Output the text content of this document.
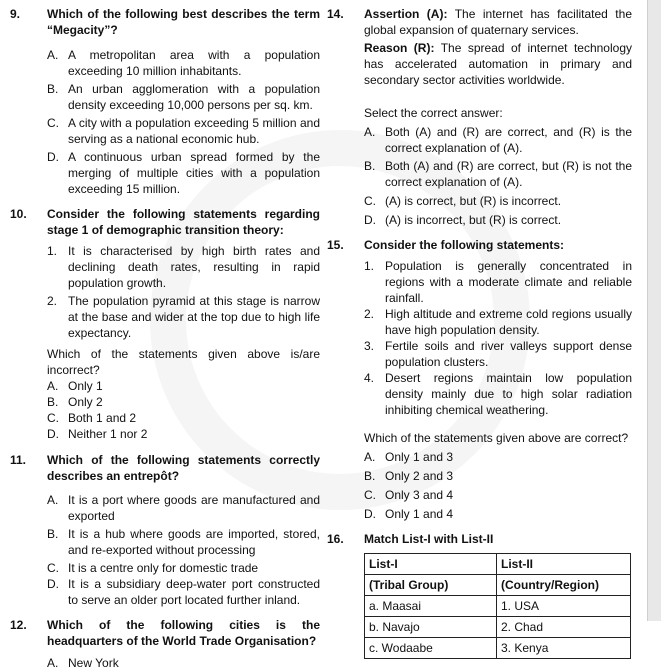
9. Which of the following best describes the term “Megacity”?
A. A metropolitan area with a population exceeding 10 million inhabitants.
B. An urban agglomeration with a population density exceeding 10,000 persons per sq. km.
C. A city with a population exceeding 5 million and serving as a national economic hub.
D. A continuous urban spread formed by the merging of multiple cities with a population exceeding 15 million.
10. Consider the following statements regarding stage 1 of demographic transition theory:
1. It is characterised by high birth rates and declining death rates, resulting in rapid population growth.
2. The population pyramid at this stage is narrow at the base and wider at the top due to high life expectancy.
Which of the statements given above is/are incorrect?
A. Only 1
B. Only 2
C. Both 1 and 2
D. Neither 1 nor 2
11. Which of the following statements correctly describes an entrepôt?
A. It is a port where goods are manufactured and exported
B. It is a hub where goods are imported, stored, and re-exported without processing
C. It is a centre only for domestic trade
D. It is a subsidiary deep-water port constructed to serve an older port located further inland.
12. Which of the following cities is the headquarters of the World Trade Organisation?
A. New York
14. Assertion (A): The internet has facilitated the global expansion of quaternary services.
Reason (R): The spread of internet technology has accelerated automation in primary and secondary sector activities worldwide.
Select the correct answer:
A. Both (A) and (R) are correct, and (R) is the correct explanation of (A).
B. Both (A) and (R) are correct, but (R) is not the correct explanation of (A).
C. (A) is correct, but (R) is incorrect.
D. (A) is incorrect, but (R) is correct.
15. Consider the following statements:
1. Population is generally concentrated in regions with a moderate climate and reliable rainfall.
2. High altitude and extreme cold regions usually have high population density.
3. Fertile soils and river valleys support dense population clusters.
4. Desert regions maintain low population density mainly due to high solar radiation inhibiting chemical weathering.
Which of the statements given above are correct?
A. Only 1 and 3
B. Only 2 and 3
C. Only 3 and 4
D. Only 1 and 4
16. Match List-I with List-II
List-I	List-II
(Tribal Group)	(Country/Region)
a. Maasai	1. USA
b. Navajo	2. Chad
c. Wodaabe	3. Kenya
